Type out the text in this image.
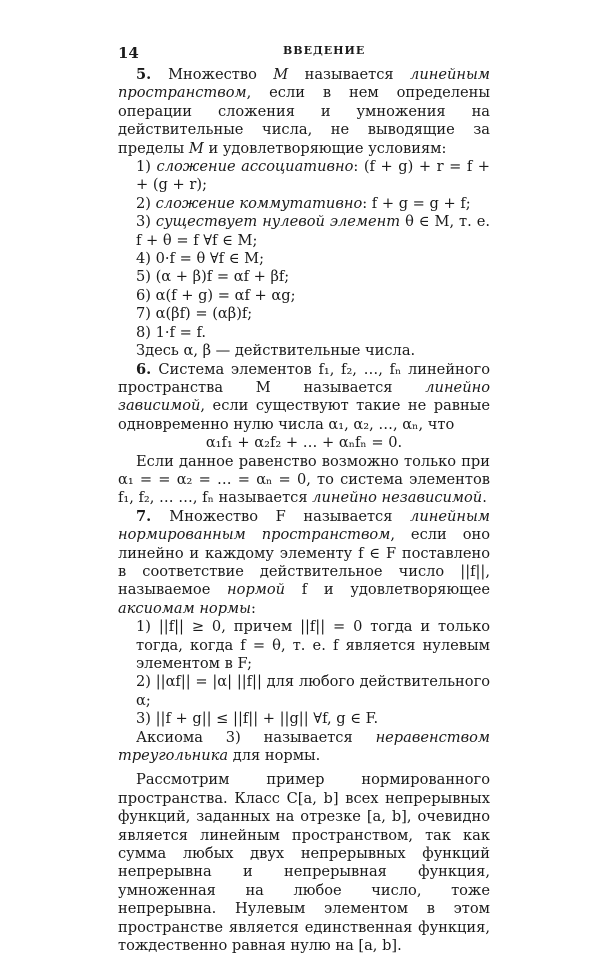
14	ВВЕДЕНИЕ

5. Множество M называется линейным пространством, если в нем определены операции сложения и умножения на действительные числа, не выводящие за пределы M и удовлетворяющие условиям:

1) сложение ассоциативно: (f + g) + r = f + + (g + r);

2) сложение коммутативно: f + g = g + f;

3) существует нулевой элемент θ ∈ M, т. е. f + θ = f ∀f ∈ M;

4) 0·f = θ ∀f ∈ M;

5) (α + β)f = αf + βf;

6) α(f + g) = αf + αg;

7) α(βf) = (αβ)f;

8) 1·f = f.

Здесь α, β — действительные числа.

6. Система элементов f₁, f₂, …, fₙ линейного пространства M называется линейно зависимой, если существуют такие не равные одновременно нулю числа α₁, α₂, …, αₙ, что

α₁f₁ + α₂f₂ + … + αₙfₙ = 0.

Если данное равенство возможно только при α₁ = = α₂ = … = αₙ = 0, то система элементов f₁, f₂, … …, fₙ называется линейно независимой.

7. Множество F называется линейным нормированным пространством, если оно линейно и каждому элементу f ∈ F поставлено в соответствие действительное число ||f||, называемое нормой f и удовлетворяющее аксиомам нормы:

1) ||f|| ≥ 0, причем ||f|| = 0 тогда и только тогда, когда f = θ, т. е. f является нулевым элементом в F;

2) ||αf|| = |α| ||f|| для любого действительного α;

3) ||f + g|| ≤ ||f|| + ||g|| ∀f, g ∈ F.

Аксиома 3) называется неравенством треугольника для нормы.

Рассмотрим пример нормированного пространства. Класс C[a, b] всех непрерывных функций, заданных на отрезке [a, b], очевидно является линейным пространством, так как сумма любых двух непрерывных функций непрерывна и непрерывная функция, умноженная на любое число, тоже непрерывна. Нулевым элементом в этом пространстве является единственная функция, тождественно равная нулю на [a, b].
